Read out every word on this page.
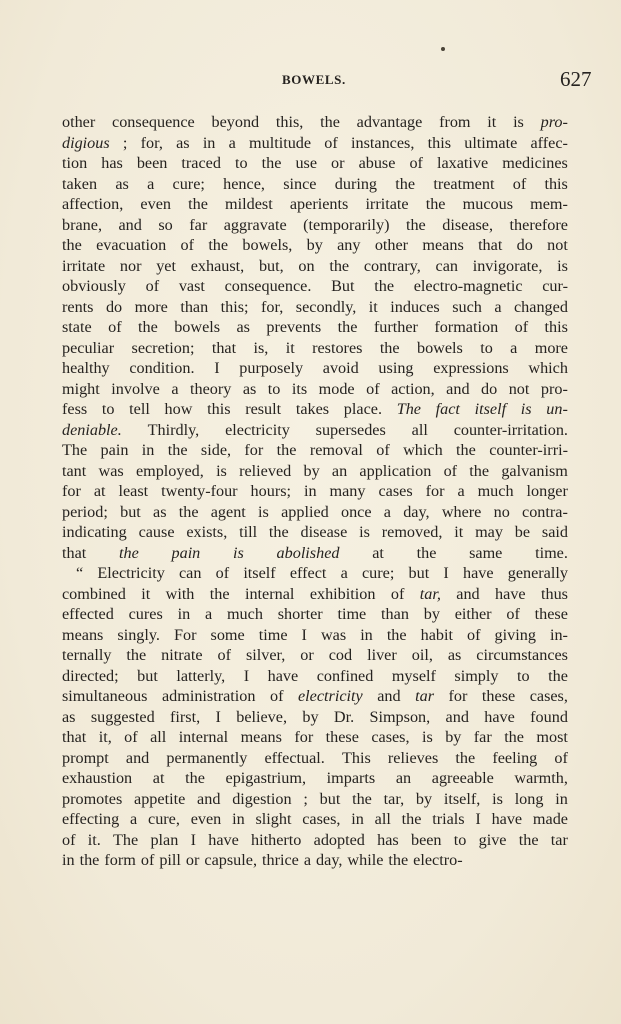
BOWELS.	627
other consequence beyond this, the advantage from it is pro-
digious ; for, as in a multitude of instances, this ultimate affec-
tion has been traced to the use or abuse of laxative medicines
taken as a cure; hence, since during the treatment of this
affection, even the mildest aperients irritate the mucous mem-
brane, and so far aggravate (temporarily) the disease, therefore
the evacuation of the bowels, by any other means that do not
irritate nor yet exhaust, but, on the contrary, can invigorate, is
obviously of vast consequence. But the electro-magnetic cur-
rents do more than this; for, secondly, it induces such a changed
state of the bowels as prevents the further formation of this
peculiar secretion; that is, it restores the bowels to a more
healthy condition. I purposely avoid using expressions which
might involve a theory as to its mode of action, and do not pro-
fess to tell how this result takes place. The fact itself is un-
deniable. Thirdly, electricity supersedes all counter-irritation.
The pain in the side, for the removal of which the counter-irri-
tant was employed, is relieved by an application of the galvanism
for at least twenty-four hours; in many cases for a much longer
period; but as the agent is applied once a day, where no contra-
indicating cause exists, till the disease is removed, it may be said
that the pain is abolished at the same time.
“ Electricity can of itself effect a cure; but I have generally
combined it with the internal exhibition of tar, and have thus
effected cures in a much shorter time than by either of these
means singly. For some time I was in the habit of giving in-
ternally the nitrate of silver, or cod liver oil, as circumstances
directed; but latterly, I have confined myself simply to the
simultaneous administration of electricity and tar for these cases,
as suggested first, I believe, by Dr. Simpson, and have found
that it, of all internal means for these cases, is by far the most
prompt and permanently effectual. This relieves the feeling of
exhaustion at the epigastrium, imparts an agreeable warmth,
promotes appetite and digestion ; but the tar, by itself, is long in
effecting a cure, even in slight cases, in all the trials I have made
of it. The plan I have hitherto adopted has been to give the tar
in the form of pill or capsule, thrice a day, while the electro-
